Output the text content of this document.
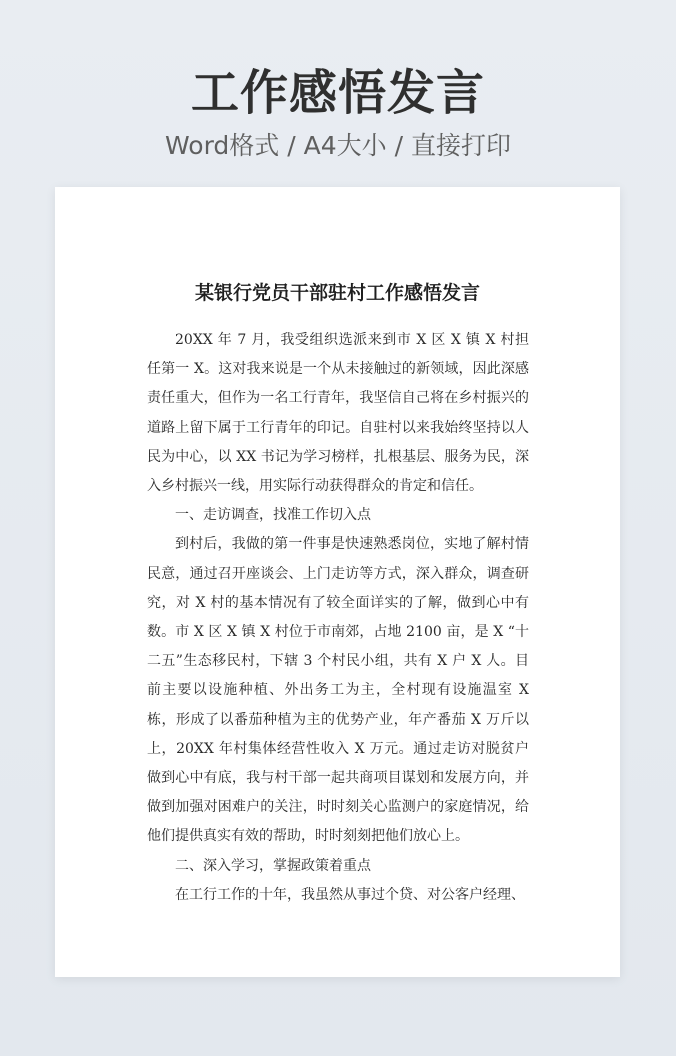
工作感悟发言
Word格式 / A4大小 / 直接打印
某银行党员干部驻村工作感悟发言

20XX 年 7 月，我受组织选派来到市 X 区 X 镇 X 村担任第一 X。这对我来说是一个从未接触过的新领域，因此深感责任重大，但作为一名工行青年，我坚信自己将在乡村振兴的道路上留下属于工行青年的印记。自驻村以来我始终坚持以人民为中心，以 XX 书记为学习榜样，扎根基层、服务为民，深入乡村振兴一线，用实际行动获得群众的肯定和信任。

一、走访调查，找准工作切入点

到村后，我做的第一件事是快速熟悉岗位，实地了解村情民意，通过召开座谈会、上门走访等方式，深入群众，调查研究，对 X 村的基本情况有了较全面详实的了解，做到心中有数。市 X 区 X 镇 X 村位于市南郊，占地 2100 亩，是 X “十二五”生态移民村，下辖 3 个村民小组，共有 X 户 X 人。目前主要以设施种植、外出务工为主，全村现有设施温室 X 栋，形成了以番茄种植为主的优势产业，年产番茄 X 万斤以上，20XX 年村集体经营性收入 X 万元。通过走访对脱贫户做到心中有底，我与村干部一起共商项目谋划和发展方向，并做到加强对困难户的关注，时时刻关心监测户的家庭情况，给他们提供真实有效的帮助，时时刻刻把他们放心上。

二、深入学习，掌握政策着重点

在工行工作的十年，我虽然从事过个贷、对公客户经理、
